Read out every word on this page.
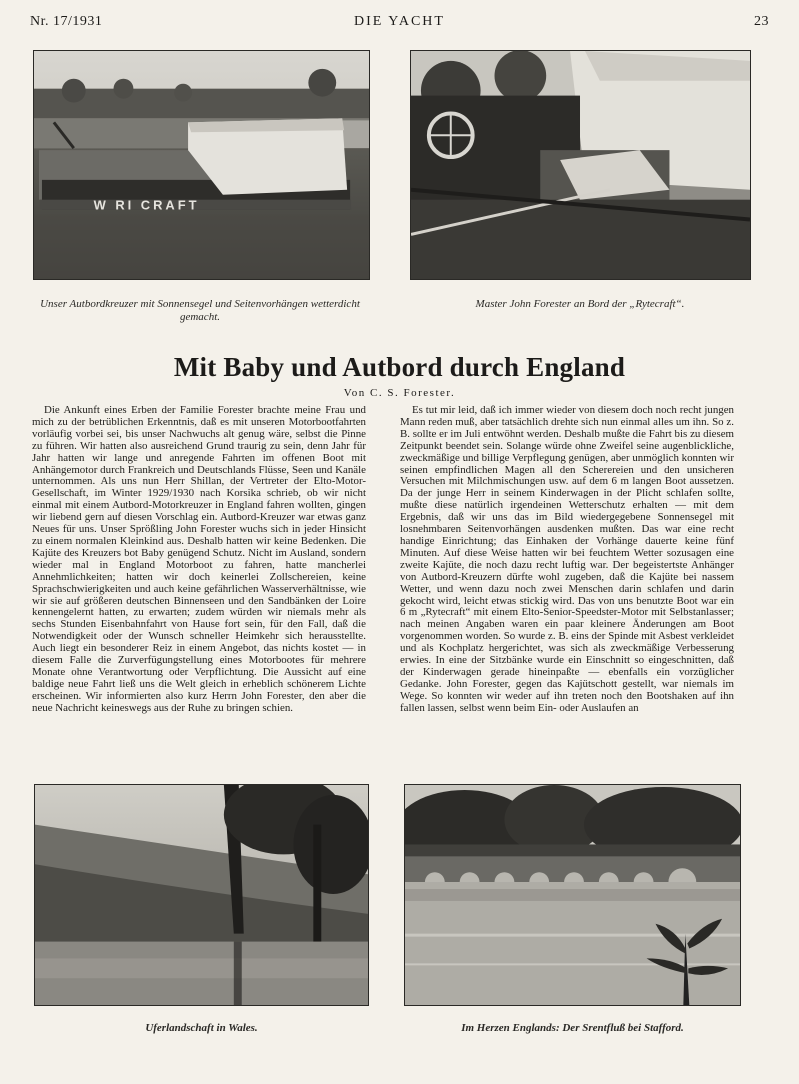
Nr. 17/1931	DIE YACHT	23
W RI CRAFT
Unser Autbordkreuzer mit Sonnensegel und Seitenvorhängen wetterdicht gemacht.
Master John Forester an Bord der „Rytecraft“.
Mit Baby und Autbord durch England
Von C. S. Forester.

Die Ankunft eines Erben der Familie Forester brachte meine Frau und mich zu der betrüblichen Erkenntnis, daß es mit unseren Motorbootfahrten vorläufig vorbei sei, bis unser Nachwuchs alt genug wäre, selbst die Pinne zu führen. Wir hatten also ausreichend Grund traurig zu sein, denn Jahr für Jahr hatten wir lange und anregende Fahrten im offenen Boot mit Anhängemotor durch Frankreich und Deutschlands Flüsse, Seen und Kanäle unternommen. Als uns nun Herr Shillan, der Vertreter der Elto-Motor-Gesellschaft, im Winter 1929/1930 nach Korsika schrieb, ob wir nicht einmal mit einem Autbord-Motorkreuzer in England fahren wollten, gingen wir liebend gern auf diesen Vorschlag ein. Autbord-Kreuzer war etwas ganz Neues für uns. Unser Sprößling John Forester wuchs sich in jeder Hinsicht zu einem normalen Kleinkind aus. Deshalb hatten wir keine Bedenken. Die Kajüte des Kreuzers bot Baby genügend Schutz. Nicht im Ausland, sondern wieder mal in England Motorboot zu fahren, hatte mancherlei Annehmlichkeiten; hatten wir doch keinerlei Zollschereien, keine Sprachschwierigkeiten und auch keine gefährlichen Wasserverhältnisse, wie wir sie auf größeren deutschen Binnenseen und den Sandbänken der Loire kennengelernt hatten, zu erwarten; zudem würden wir niemals mehr als sechs Stunden Eisenbahnfahrt von Hause fort sein, für den Fall, daß die Notwendigkeit oder der Wunsch schneller Heimkehr sich herausstellte. Auch liegt ein besonderer Reiz in einem Angebot, das nichts kostet — in diesem Falle die Zurverfügungstellung eines Motorbootes für mehrere Monate ohne Verantwortung oder Verpflichtung. Die Aussicht auf eine baldige neue Fahrt ließ uns die Welt gleich in erheblich schönerem Lichte erscheinen. Wir informierten also kurz Herrn John Forester, den aber die neue Nachricht keineswegs aus der Ruhe zu bringen schien.

Es tut mir leid, daß ich immer wieder von diesem doch noch recht jungen Mann reden muß, aber tatsächlich drehte sich nun einmal alles um ihn. So z. B. sollte er im Juli entwöhnt werden. Deshalb mußte die Fahrt bis zu diesem Zeitpunkt beendet sein. Solange würde ohne Zweifel seine augenblickliche, zweckmäßige und billige Verpflegung genügen, aber unmöglich konnten wir seinen empfindlichen Magen all den Scherereien und den unsicheren Versuchen mit Milchmischungen usw. auf dem 6 m langen Boot aussetzen. Da der junge Herr in seinem Kinderwagen in der Plicht schlafen sollte, mußte diese natürlich irgendeinen Wetterschutz erhalten — mit dem Ergebnis, daß wir uns das im Bild wiedergegebene Sonnensegel mit losnehmbaren Seitenvorhängen ausdenken mußten. Das war eine recht handige Einrichtung; das Einhaken der Vorhänge dauerte keine fünf Minuten. Auf diese Weise hatten wir bei feuchtem Wetter sozusagen eine zweite Kajüte, die noch dazu recht luftig war. Der begeistertste Anhänger von Autbord-Kreuzern dürfte wohl zugeben, daß die Kajüte bei nassem Wetter, und wenn dazu noch zwei Menschen darin schlafen und darin gekocht wird, leicht etwas stickig wird. Das von uns benutzte Boot war ein 6 m „Rytecraft“ mit einem Elto-Senior-Speedster-Motor mit Selbstanlasser; nach meinen Angaben waren ein paar kleinere Änderungen am Boot vorgenommen worden. So wurde z. B. eins der Spinde mit Asbest verkleidet und als Kochplatz hergerichtet, was sich als zweckmäßige Verbesserung erwies. In eine der Sitzbänke wurde ein Einschnitt so eingeschnitten, daß der Kinderwagen gerade hineinpaßte — ebenfalls ein vorzüglicher Gedanke. John Forester, gegen das Kajütschott gestellt, war niemals im Wege. So konnten wir weder auf ihn treten noch den Bootshaken auf ihn fallen lassen, selbst wenn beim Ein- oder Auslaufen an

Uferlandschaft in Wales.	Im Herzen Englands: Der Srentfluß bei Stafford.
